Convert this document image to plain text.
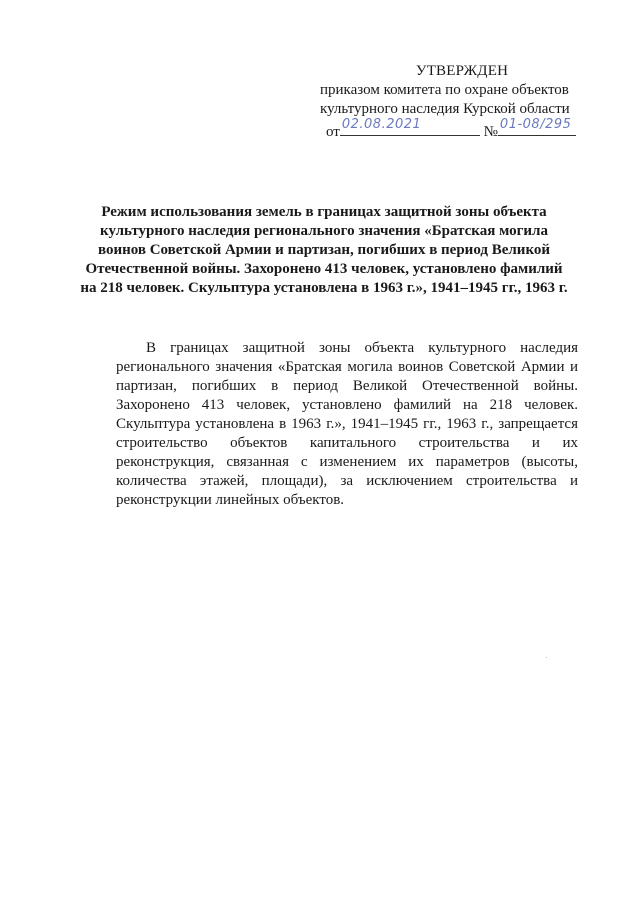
УТВЕРЖДЕН
приказом комитета по охране объектов
культурного наследия Курской области
от 02.08.2021	№ 01-08/295
Режим использования земель в границах защитной зоны объекта культурного наследия регионального значения «Братская могила воинов Советской Армии и партизан, погибших в период Великой Отечественной войны. Захоронено 413 человек, установлено фамилий на 218 человек. Скульптура установлена в 1963 г.», 1941–1945 гг., 1963 г.
В границах защитной зоны объекта культурного наследия регионального значения «Братская могила воинов Советской Армии и партизан, погибших в период Великой Отечественной войны. Захоронено 413 человек, установлено фамилий на 218 человек. Скульптура установлена в 1963 г.», 1941–1945 гг., 1963 г., запрещается строительство объектов капитального строительства и их реконструкция, связанная с изменением их параметров (высоты, количества этажей, площади), за исключением строительства и реконструкции линейных объектов.
